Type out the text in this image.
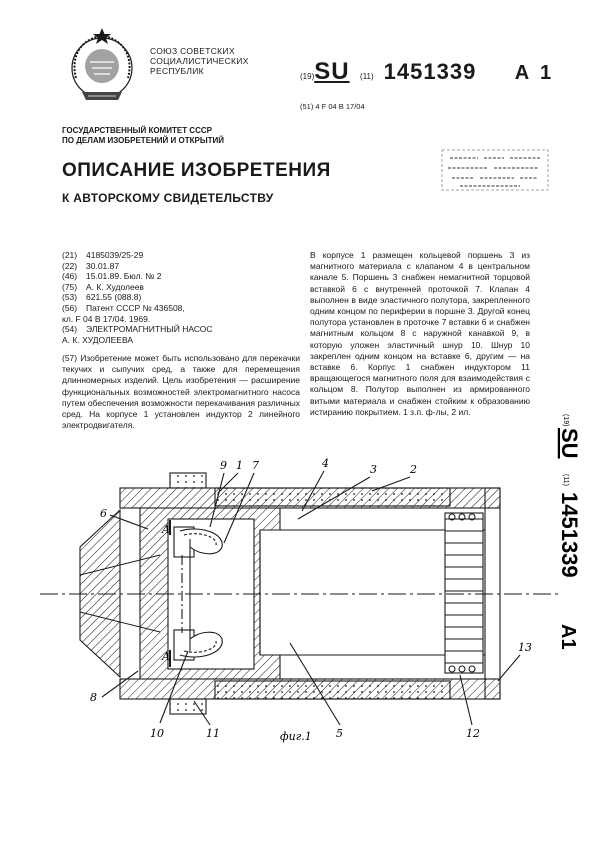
СОЮЗ СОВЕТСКИХ
СОЦИАЛИСТИЧЕСКИХ
РЕСПУБЛИК
(19)SU (11) 1451339 A 1
(51) 4 F 04 B 17/04
ГОСУДАРСТВЕННЫЙ КОМИТЕТ СССР
ПО ДЕЛАМ ИЗОБРЕТЕНИЙ И ОТКРЫТИЙ
ОПИСАНИЕ ИЗОБРЕТЕНИЯ
К АВТОРСКОМУ СВИДЕТЕЛЬСТВУ
(21) 4185039/25-29
(22) 30.01.87
(46) 15.01.89. Бюл. № 2
(75) А. К. Худолеев
(53) 621.55 (088.8)
(56) Патент СССР № 436508,
кл. F 04 B 17/04. 1969.
(54) ЭЛЕКТРОМАГНИТНЫЙ НАСОС
А. К. ХУДОЛЕЕВА
(57) Изобретение может быть использовано для перекачки текучих и сыпучих сред, а также для перемещения длинномерных изделий. Цель изобретения — расширение функциональных возможностей электромагнитного насоса путем обеспечения возможности перекачивания различных сред. На корпусе 1 установлен индуктор 2 линейного электродвигателя.
В корпусе 1 размещен кольцевой поршень 3 из магнитного материала с клапаном 4 в центральном канале 5. Поршень 3 снабжен немагнитной торцовой вставкой 6 с внутренней проточкой 7. Клапан 4 выполнен в виде эластичного полутора, закрепленного одним концом по периферии в поршне 3. Другой конец полутора установлен в проточке 7 вставки 6 и снабжен магнитным кольцом 8 с наружной канавкой 9, в которую уложен эластичный шнур 10. Шнур 10 закреплен одним концом на вставке 6, другим — на вставке 6. Корпус 1 снабжен индуктором 11 вращающегося магнитного поля для взаимодействия с кольцом 8. Полутор выполнен из армированного витыми материала и снабжен стойким к образованию истиранию покрытием. 1 з.п. ф-лы, 2 ил.
(19)
SU
(11)
1451339
A1
9 1 7	4	3	2
6
A
A
8
10	11	5	12
13
фиг.1
